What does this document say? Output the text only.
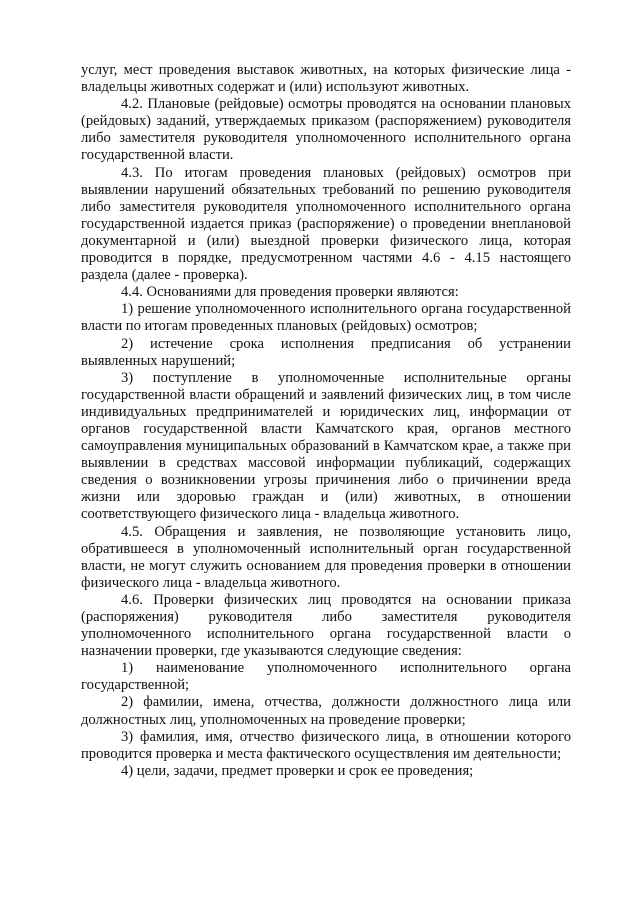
услуг, мест проведения выставок животных, на которых физические лица - владельцы животных содержат и (или) используют животных.

4.2. Плановые (рейдовые) осмотры проводятся на основании плановых (рейдовых) заданий, утверждаемых приказом (распоряжением) руководителя либо заместителя руководителя уполномоченного исполнительного органа государственной власти.

4.3. По итогам проведения плановых (рейдовых) осмотров при выявлении нарушений обязательных требований по решению руководителя либо заместителя руководителя уполномоченного исполнительного органа государственной издается приказ (распоряжение) о проведении внеплановой документарной и (или) выездной проверки физического лица, которая проводится в порядке, предусмотренном частями 4.6 - 4.15 настоящего раздела (далее - проверка).

4.4. Основаниями для проведения проверки являются:

1) решение уполномоченного исполнительного органа государственной власти по итогам проведенных плановых (рейдовых) осмотров;

2) истечение срока исполнения предписания об устранении выявленных нарушений;

3) поступление в уполномоченные исполнительные органы государственной власти обращений и заявлений физических лиц, в том числе индивидуальных предпринимателей и юридических лиц, информации от органов государственной власти Камчатского края, органов местного самоуправления муниципальных образований в Камчатском крае, а также при выявлении в средствах массовой информации публикаций, содержащих сведения о возникновении угрозы причинения либо о причинении вреда жизни или здоровью граждан и (или) животных, в отношении соответствующего физического лица - владельца животного.

4.5. Обращения и заявления, не позволяющие установить лицо, обратившееся в уполномоченный исполнительный орган государственной власти, не могут служить основанием для проведения проверки в отношении физического лица - владельца животного.

4.6. Проверки физических лиц проводятся на основании приказа (распоряжения) руководителя либо заместителя руководителя уполномоченного исполнительного органа государственной власти о назначении проверки, где указываются следующие сведения:

1) наименование уполномоченного исполнительного органа государственной;

2) фамилии, имена, отчества, должности должностного лица или должностных лиц, уполномоченных на проведение проверки;

3) фамилия, имя, отчество физического лица, в отношении которого проводится проверка и места фактического осуществления им деятельности;

4) цели, задачи, предмет проверки и срок ее проведения;
